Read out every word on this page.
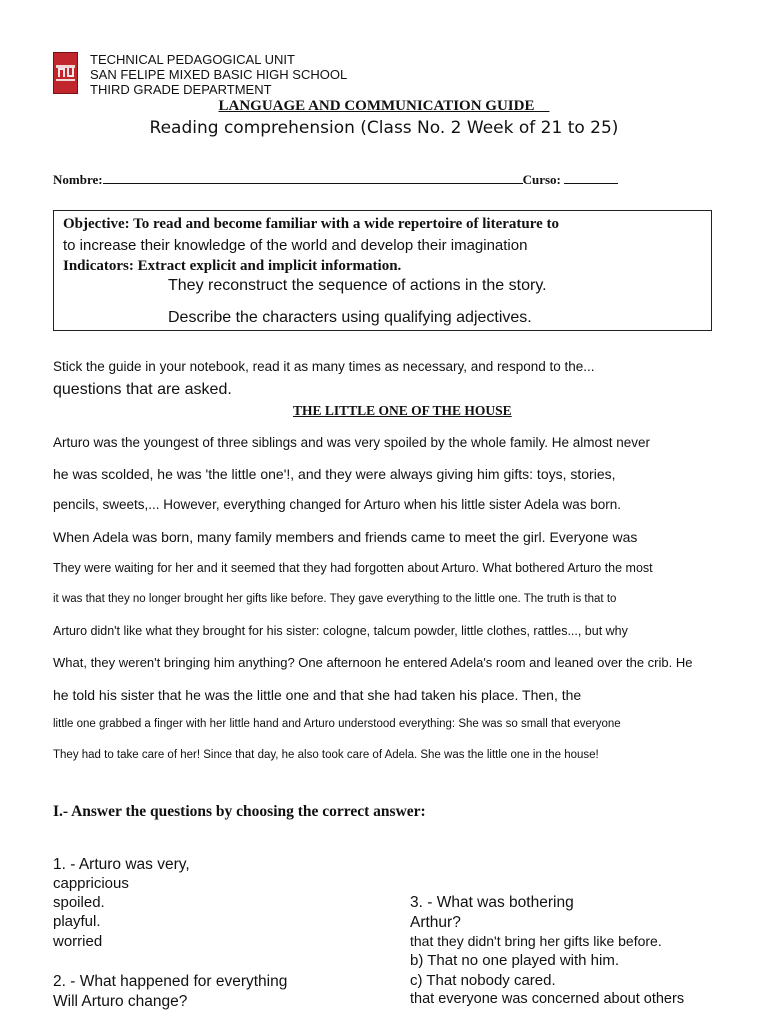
TECHNICAL PEDAGOGICAL UNIT
SAN FELIPE MIXED BASIC HIGH SCHOOL
THIRD GRADE DEPARTMENT
LANGUAGE AND COMMUNICATION GUIDE
Reading comprehension (Class No. 2 Week of 21 to 25)
Nombre:	Curso:
Objective: To read and become familiar with a wide repertoire of literature to
to increase their knowledge of the world and develop their imagination
Indicators: Extract explicit and implicit information.
They reconstruct the sequence of actions in the story.
Describe the characters using qualifying adjectives.
Stick the guide in your notebook, read it as many times as necessary, and respond to the...
questions that are asked.
THE LITTLE ONE OF THE HOUSE
Arturo was the youngest of three siblings and was very spoiled by the whole family. He almost never
he was scolded, he was 'the little one'!, and they were always giving him gifts: toys, stories,
pencils, sweets,... However, everything changed for Arturo when his little sister Adela was born.
When Adela was born, many family members and friends came to meet the girl. Everyone was
They were waiting for her and it seemed that they had forgotten about Arturo. What bothered Arturo the most
it was that they no longer brought her gifts like before. They gave everything to the little one. The truth is that to
Arturo didn't like what they brought for his sister: cologne, talcum powder, little clothes, rattles..., but why
What, they weren't bringing him anything? One afternoon he entered Adela's room and leaned over the crib. He
he told his sister that he was the little one and that she had taken his place. Then, the
little one grabbed a finger with her little hand and Arturo understood everything: She was so small that everyone
They had to take care of her! Since that day, he also took care of Adela. She was the little one in the house!
I.- Answer the questions by choosing the correct answer:
1. - Arturo was very,
cappricious
spoiled.
playful.
worried
2. - What happened for everything
Will Arturo change?
3. - What was bothering
Arthur?
that they didn't bring her gifts like before.
b) That no one played with him.
c) That nobody cared.
that everyone was concerned about others
